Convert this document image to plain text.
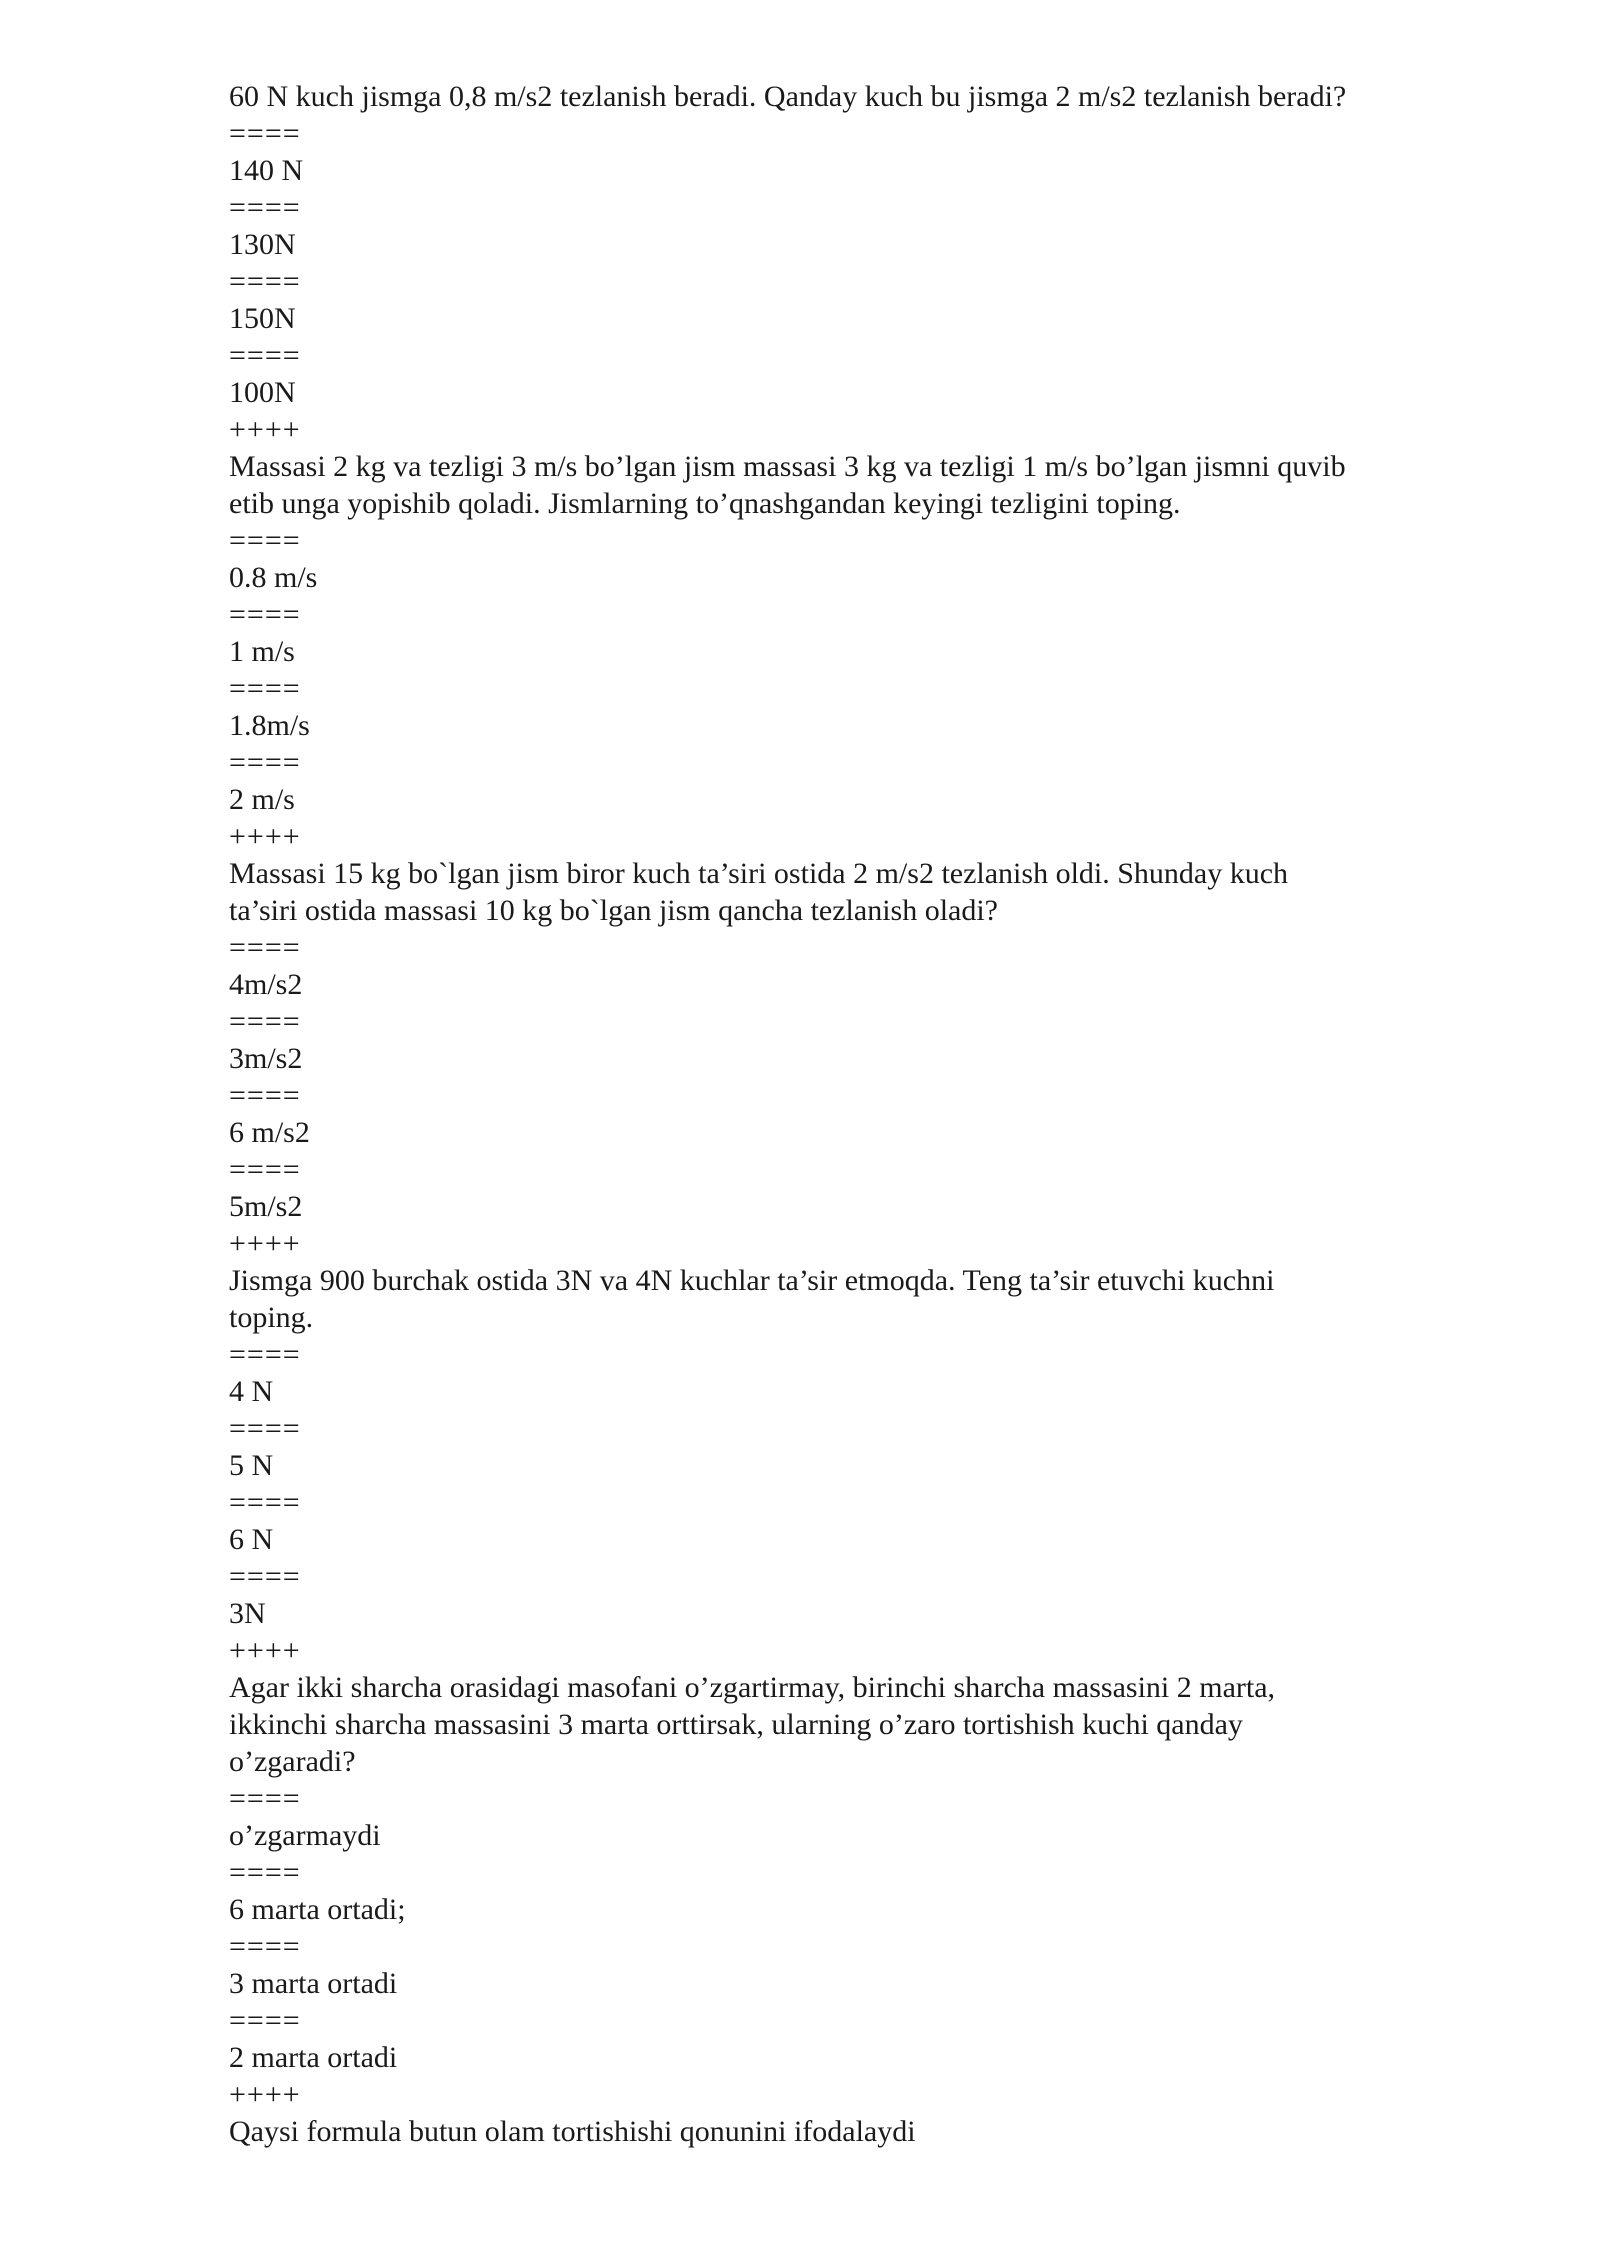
60 N kuch jismga 0,8 m/s2 tezlanish beradi. Qanday kuch bu jismga 2 m/s2 tezlanish beradi?
====
140 N
====
130N
====
150N
====
100N
++++
Massasi 2 kg va tezligi 3 m/s bo’lgan jism massasi 3 kg va tezligi 1 m/s bo’lgan jismni quvib
etib unga yopishib qoladi. Jismlarning to’qnashgandan keyingi tezligini toping.
====
0.8 m/s
====
1 m/s
====
1.8m/s
====
2 m/s
++++
Massasi 15 kg bo`lgan jism biror kuch ta’siri ostida 2 m/s2 tezlanish oldi. Shunday kuch
ta’siri ostida massasi 10 kg bo`lgan jism qancha tezlanish oladi?
====
4m/s2
====
3m/s2
====
6 m/s2
====
5m/s2
++++
Jismga 900 burchak ostida 3N va 4N kuchlar ta’sir etmoqda. Teng ta’sir etuvchi kuchni
toping.
====
4 N
====
5 N
====
6 N
====
3N
++++
Agar ikki sharcha orasidagi masofani o’zgartirmay, birinchi sharcha massasini 2 marta,
ikkinchi sharcha massasini 3 marta orttirsak, ularning o’zaro tortishish kuchi qanday
o’zgaradi?
====
o’zgarmaydi
====
6 marta ortadi;
====
3 marta ortadi
====
2 marta ortadi
++++
Qaysi formula butun olam tortishishi qonunini ifodalaydi
